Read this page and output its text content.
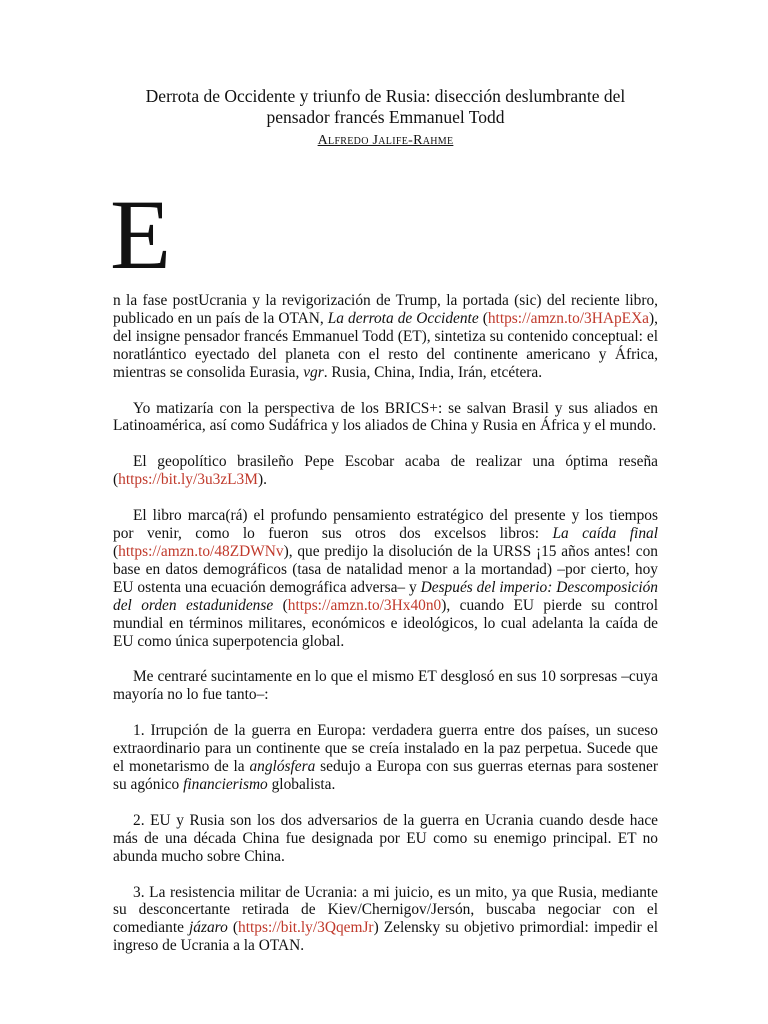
Derrota de Occidente y triunfo de Rusia: disección deslumbrante del pensador francés Emmanuel Todd
Alfredo Jalife-Rahme
E

n la fase postUcrania y la revigorización de Trump, la portada (sic) del reciente libro, publicado en un país de la OTAN, La derrota de Occidente (https://amzn.to/3HApEXa), del insigne pensador francés Emmanuel Todd (ET), sintetiza su contenido conceptual: el noratlántico eyectado del planeta con el resto del continente americano y África, mientras se consolida Eurasia, vgr. Rusia, China, India, Irán, etcétera.

Yo matizaría con la perspectiva de los BRICS+: se salvan Brasil y sus aliados en Latinoamérica, así como Sudáfrica y los aliados de China y Rusia en África y el mundo.

El geopolítico brasileño Pepe Escobar acaba de realizar una óptima reseña (https://bit.ly/3u3zL3M).

El libro marca(rá) el profundo pensamiento estratégico del presente y los tiempos por venir, como lo fueron sus otros dos excelsos libros: La caída final (https://amzn.to/48ZDWNv), que predijo la disolución de la URSS ¡15 años antes! con base en datos demográficos (tasa de natalidad menor a la mortandad) –por cierto, hoy EU ostenta una ecuación demográfica adversa– y Después del imperio: Descomposición del orden estadunidense (https://amzn.to/3Hx40n0), cuando EU pierde su control mundial en términos militares, económicos e ideológicos, lo cual adelanta la caída de EU como única superpotencia global.

Me centraré sucintamente en lo que el mismo ET desglosó en sus 10 sorpresas –cuya mayoría no lo fue tanto–:

1. Irrupción de la guerra en Europa: verdadera guerra entre dos países, un suceso extraordinario para un continente que se creía instalado en la paz perpetua. Sucede que el monetarismo de la anglósfera sedujo a Europa con sus guerras eternas para sostener su agónico financierismo globalista.

2. EU y Rusia son los dos adversarios de la guerra en Ucrania cuando desde hace más de una década China fue designada por EU como su enemigo principal. ET no abunda mucho sobre China.

3. La resistencia militar de Ucrania: a mi juicio, es un mito, ya que Rusia, mediante su desconcertante retirada de Kiev/Chernigov/Jersón, buscaba negociar con el comediante jázaro (https://bit.ly/3QqemJr) Zelensky su objetivo primordial: impedir el ingreso de Ucrania a la OTAN.
